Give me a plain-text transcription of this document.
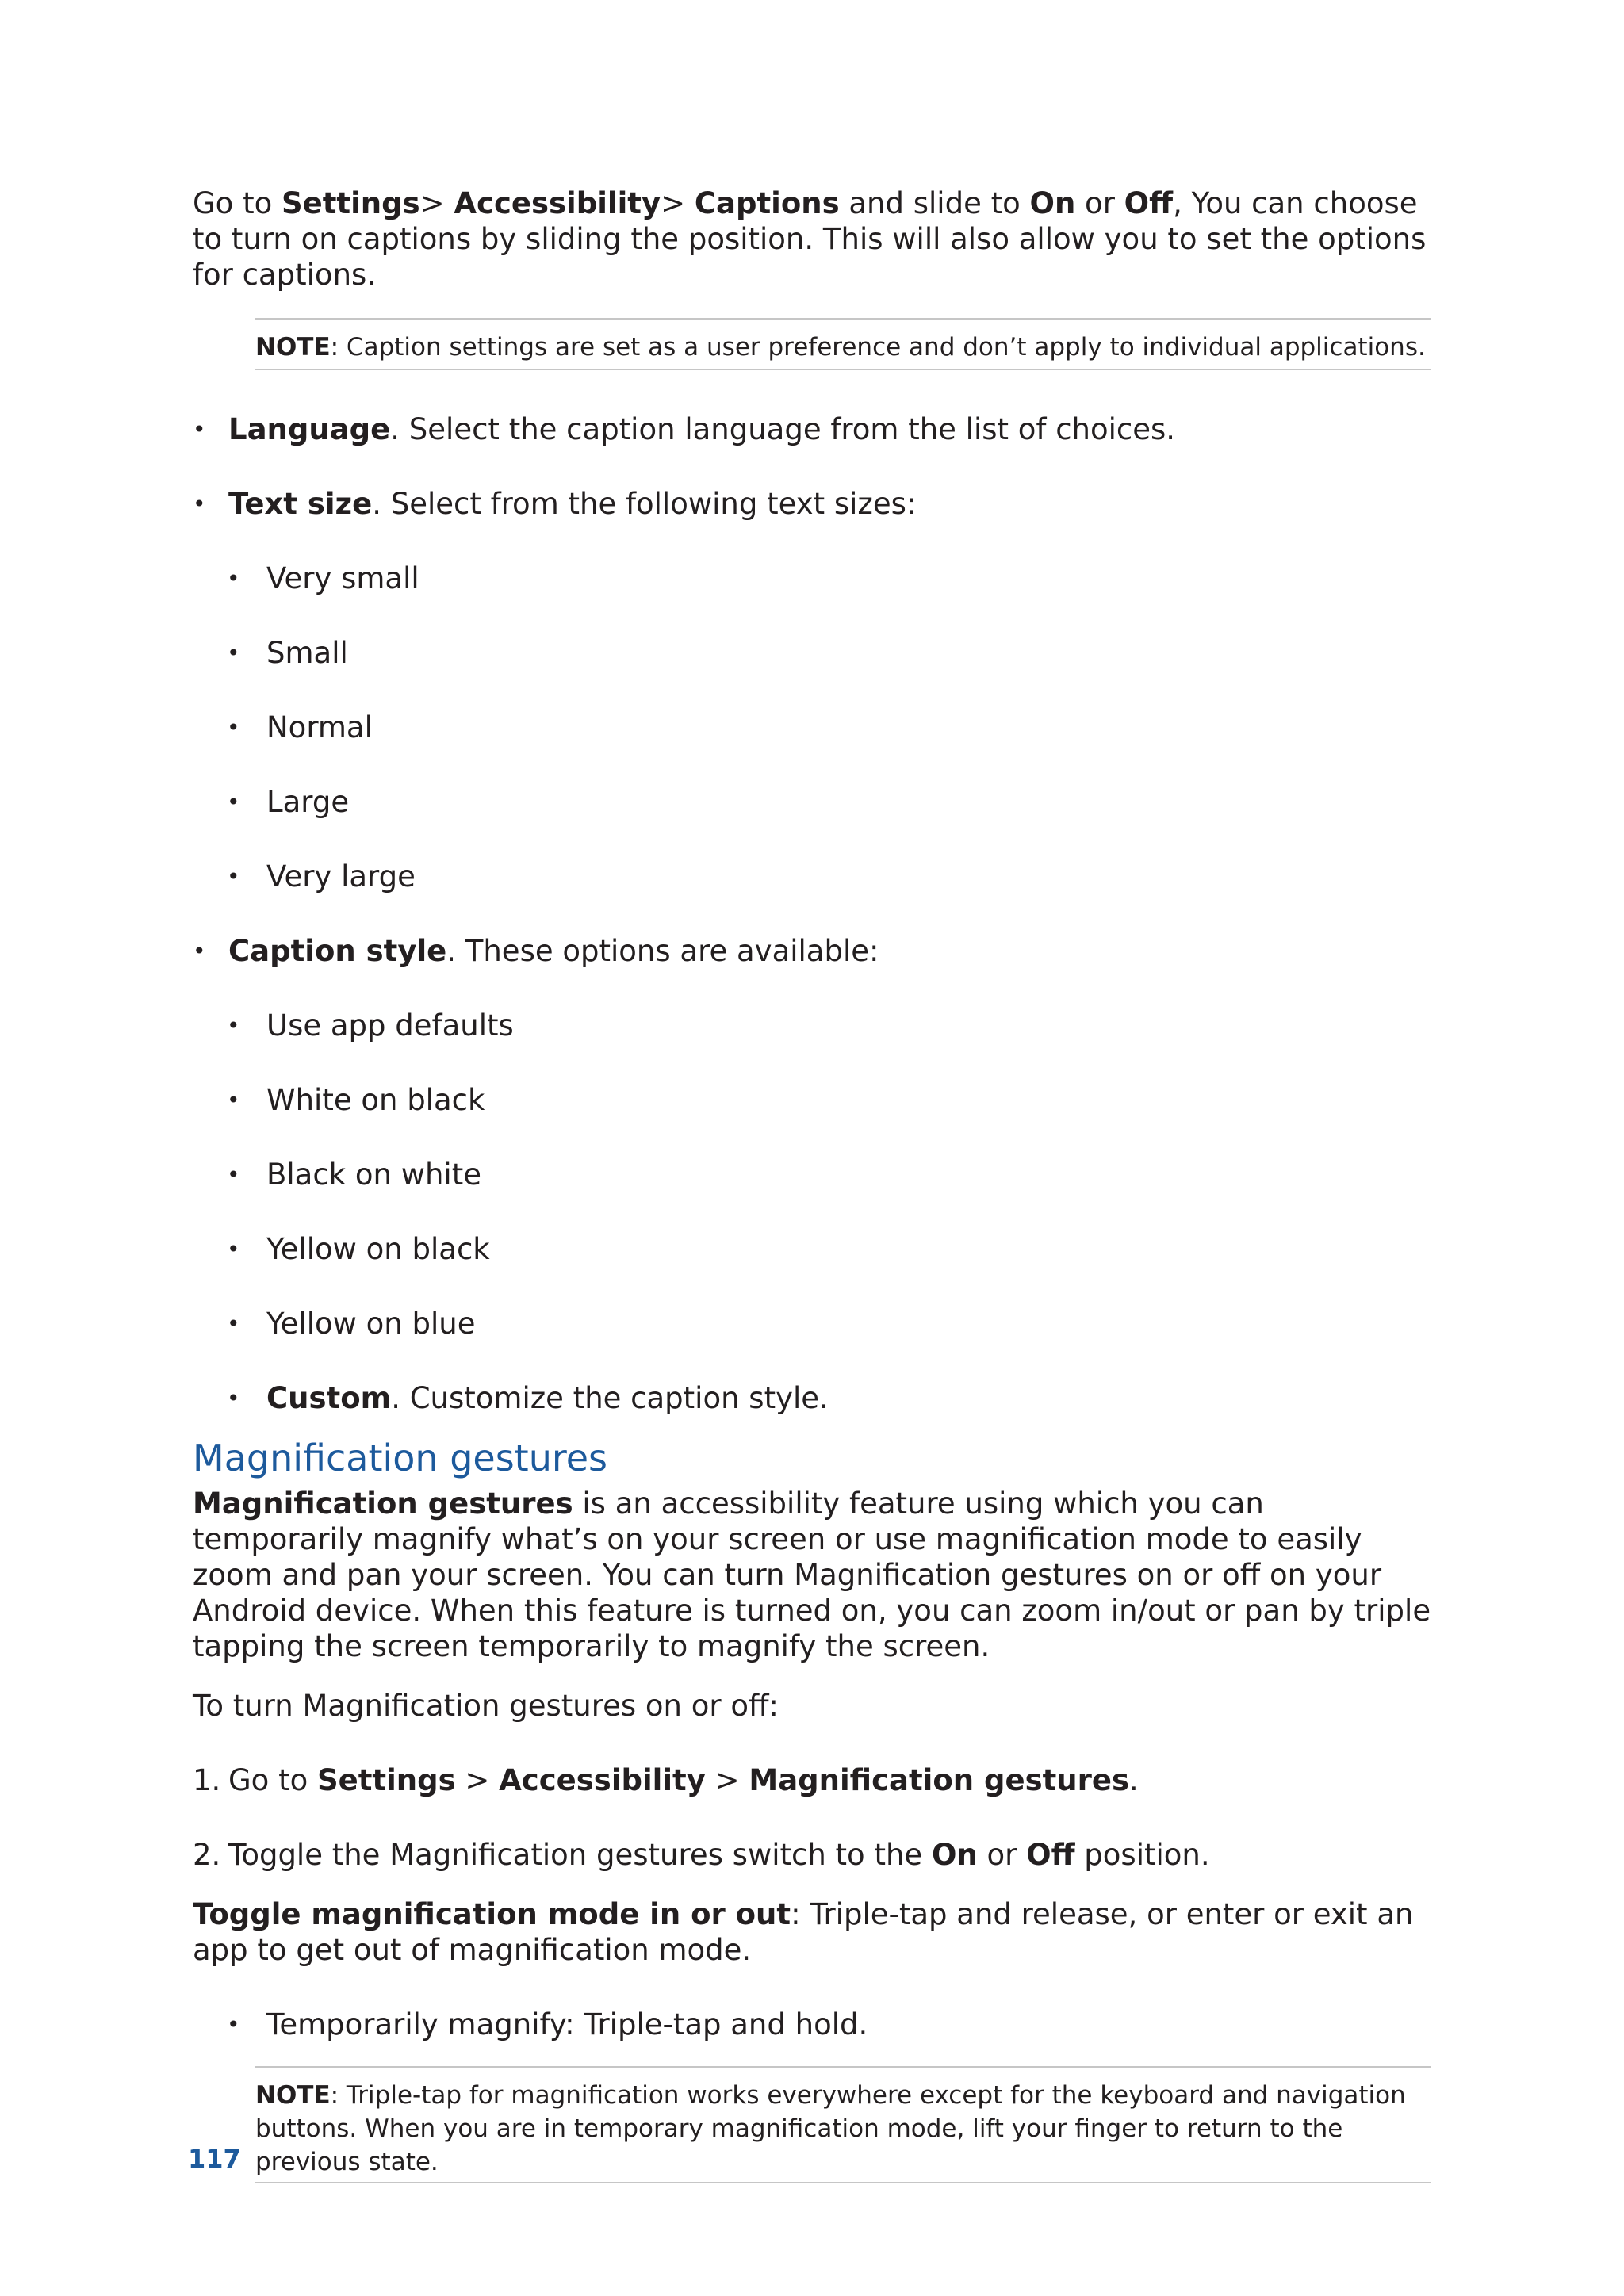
Go to Settings> Accessibility> Captions and slide to On or Off, You can choose to turn on captions by sliding the position. This will also allow you to set the options for captions.

NOTE: Caption settings are set as a user preference and don’t apply to individual applications.
• Language. Select the caption language from the list of choices.
• Text size. Select from the following text sizes:
• Very small
• Small
• Normal
• Large
• Very large
• Caption style. These options are available:
• Use app defaults
• White on black
• Black on white
• Yellow on black
• Yellow on blue
• Custom. Customize the caption style.
Magnification gestures

Magnification gestures is an accessibility feature using which you can temporarily magnify what’s on your screen or use magnification mode to easily zoom and pan your screen. You can turn Magnification gestures on or off on your Android device. When this feature is turned on, you can zoom in/out or pan by triple tapping the screen temporarily to magnify the screen.

To turn Magnification gestures on or off:

1. Go to Settings > Accessibility > Magnification gestures.
2. Toggle the Magnification gestures switch to the On or Off position.

Toggle magnification mode in or out: Triple-tap and release, or enter or exit an app to get out of magnification mode.

• Temporarily magnify: Triple-tap and hold.
NOTE: Triple-tap for magnification works everywhere except for the keyboard and navigation buttons. When you are in temporary magnification mode, lift your finger to return to the previous state.
117
